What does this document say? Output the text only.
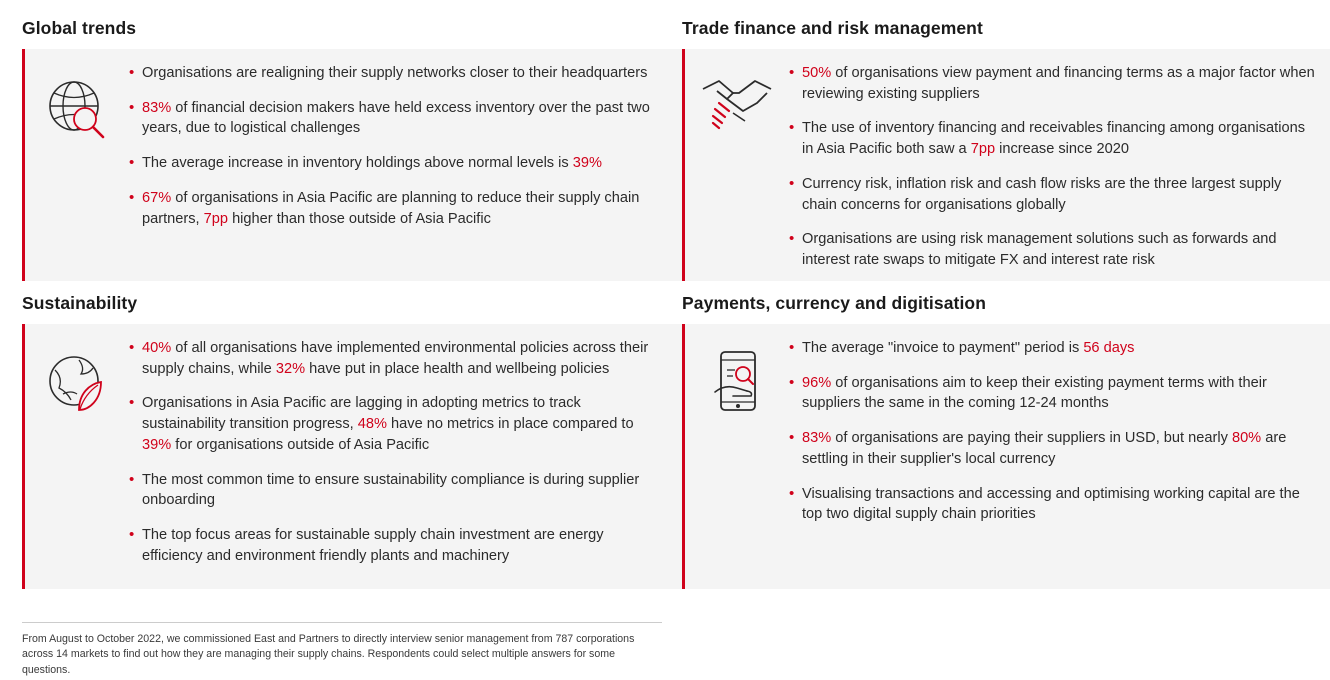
Global trends
• Organisations are realigning their supply networks closer to their headquarters
• 83% of financial decision makers have held excess inventory over the past two years, due to logistical challenges
• The average increase in inventory holdings above normal levels is 39%
• 67% of organisations in Asia Pacific are planning to reduce their supply chain partners, 7pp higher than those outside of Asia Pacific
Sustainability
• 40% of all organisations have implemented environmental policies across their supply chains, while 32% have put in place health and wellbeing policies
• Organisations in Asia Pacific are lagging in adopting metrics to track sustainability transition progress, 48% have no metrics in place compared to 39% for organisations outside of Asia Pacific
• The most common time to ensure sustainability compliance is during supplier onboarding
• The top focus areas for sustainable supply chain investment are energy efficiency and environment friendly plants and machinery
Trade finance and risk management
• 50% of organisations view payment and financing terms as a major factor when reviewing existing suppliers
• The use of inventory financing and receivables financing among organisations in Asia Pacific both saw a 7pp increase since 2020
• Currency risk, inflation risk and cash flow risks are the three largest supply chain concerns for organisations globally
• Organisations are using risk management solutions such as forwards and interest rate swaps to mitigate FX and interest rate risk
Payments, currency and digitisation
• The average "invoice to payment" period is 56 days
• 96% of organisations aim to keep their existing payment terms with their suppliers the same in the coming 12-24 months
• 83% of organisations are paying their suppliers in USD, but nearly 80% are settling in their supplier's local currency
• Visualising transactions and accessing and optimising working capital are the top two digital supply chain priorities
From August to October 2022, we commissioned East and Partners to directly interview senior management from 787 corporations across 14 markets to find out how they are managing their supply chains. Respondents could select multiple answers for some questions.
